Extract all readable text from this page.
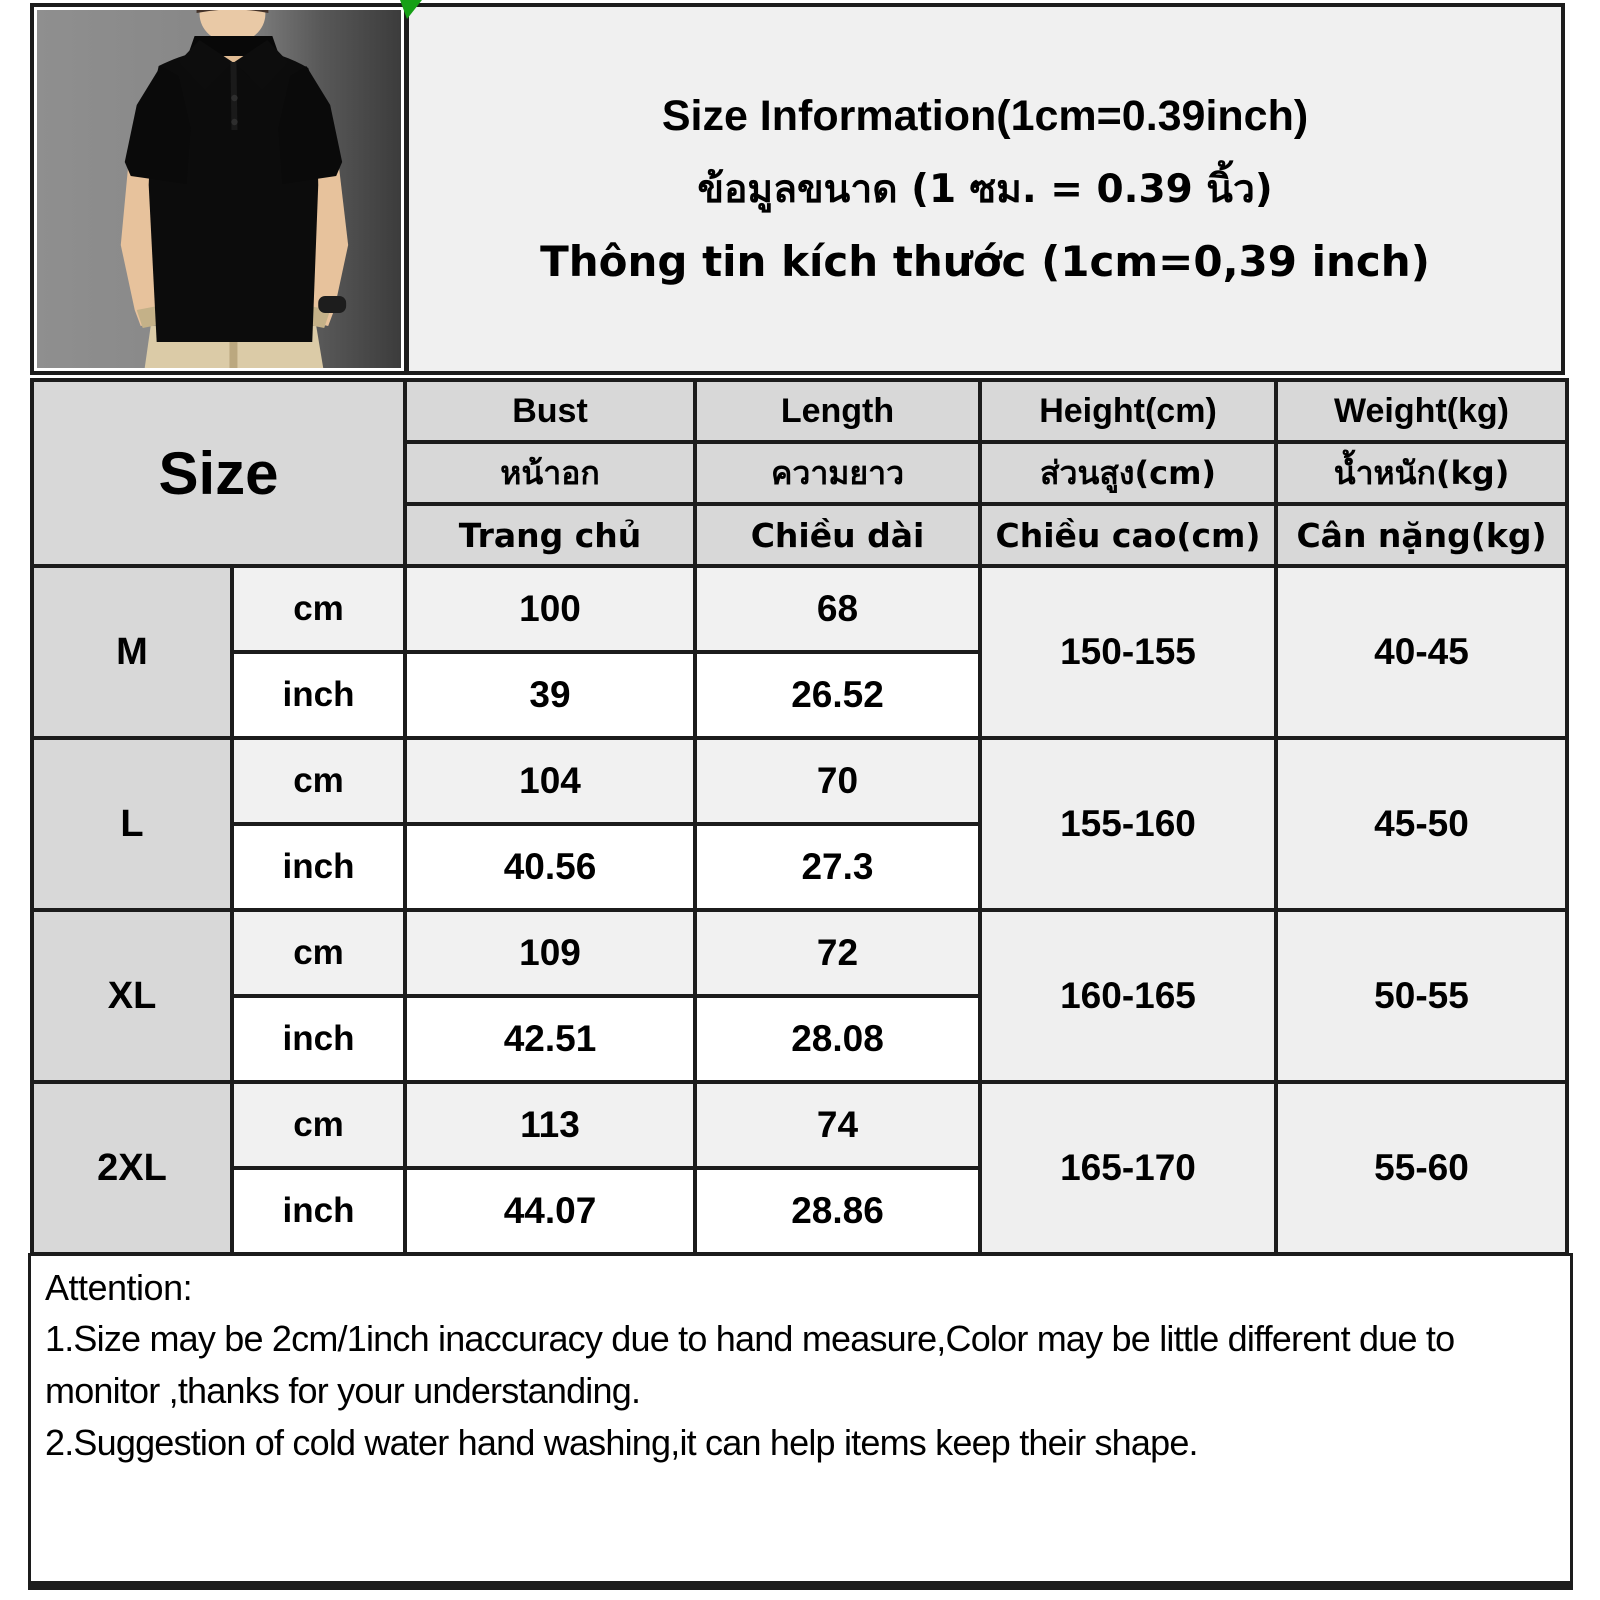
Size Information(1cm=0.39inch)
ข้อมูลขนาด (1 ซม. = 0.39 นิ้ว)
Thông tin kích thước (1cm=0,39 inch)
Size		Bust	Length	Height(cm)	Weight(kg)
		หน้าอก	ความยาว	ส่วนสูง(cm)	น้ำหนัก(kg)
		Trang chủ	Chiều dài	Chiều cao(cm)	Cân nặng(kg)
M	cm	100	68	150-155	40-45
	inch	39	26.52		
L	cm	104	70	155-160	45-50
	inch	40.56	27.3		
XL	cm	109	72	160-165	50-55
	inch	42.51	28.08		
2XL	cm	113	74	165-170	55-60
	inch	44.07	28.86		
Attention:

1.Size may be 2cm/1inch inaccuracy due to hand measure,Color may be little different due to monitor ,thanks for your understanding.

2.Suggestion of cold water hand washing,it can help items keep their shape.
